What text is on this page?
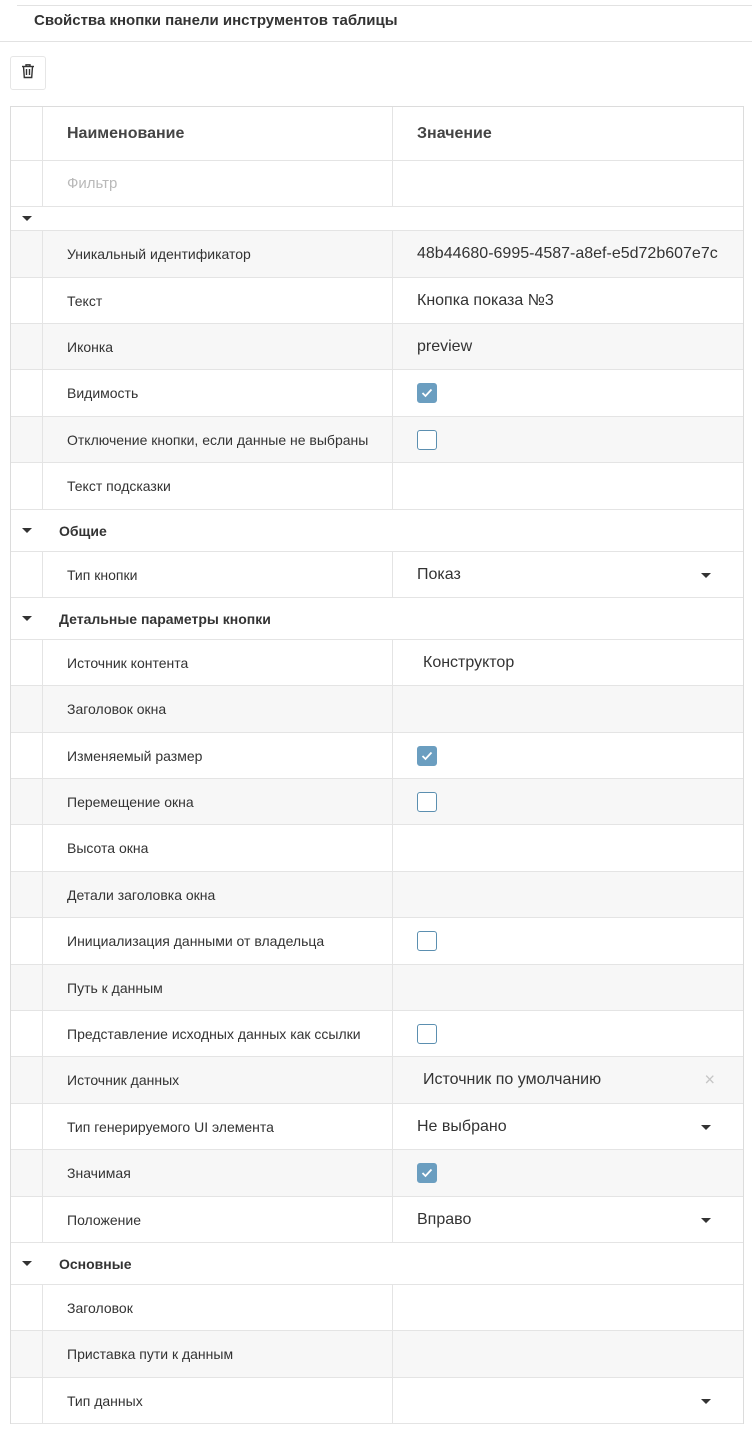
Свойства кнопки панели инструментов таблицы
Наименование	Значение
Фильтр
Уникальный идентификатор	48b44680-6995-4587-a8ef-e5d72b607e7c
Текст	Кнопка показа №3
Иконка	preview
Видимость
Отключение кнопки, если данные не выбраны
Текст подсказки
Общие
Тип кнопки	Показ
Детальные параметры кнопки
Источник контента	Конструктор
Заголовок окна
Изменяемый размер
Перемещение окна
Высота окна
Детали заголовка окна
Инициализация данными от владельца
Путь к данным
Представление исходных данных как ссылки
Источник данных	Источник по умолчанию	×
Тип генерируемого UI элемента	Не выбрано
Значимая
Положение	Вправо
Основные
Заголовок
Приставка пути к данным
Тип данных
